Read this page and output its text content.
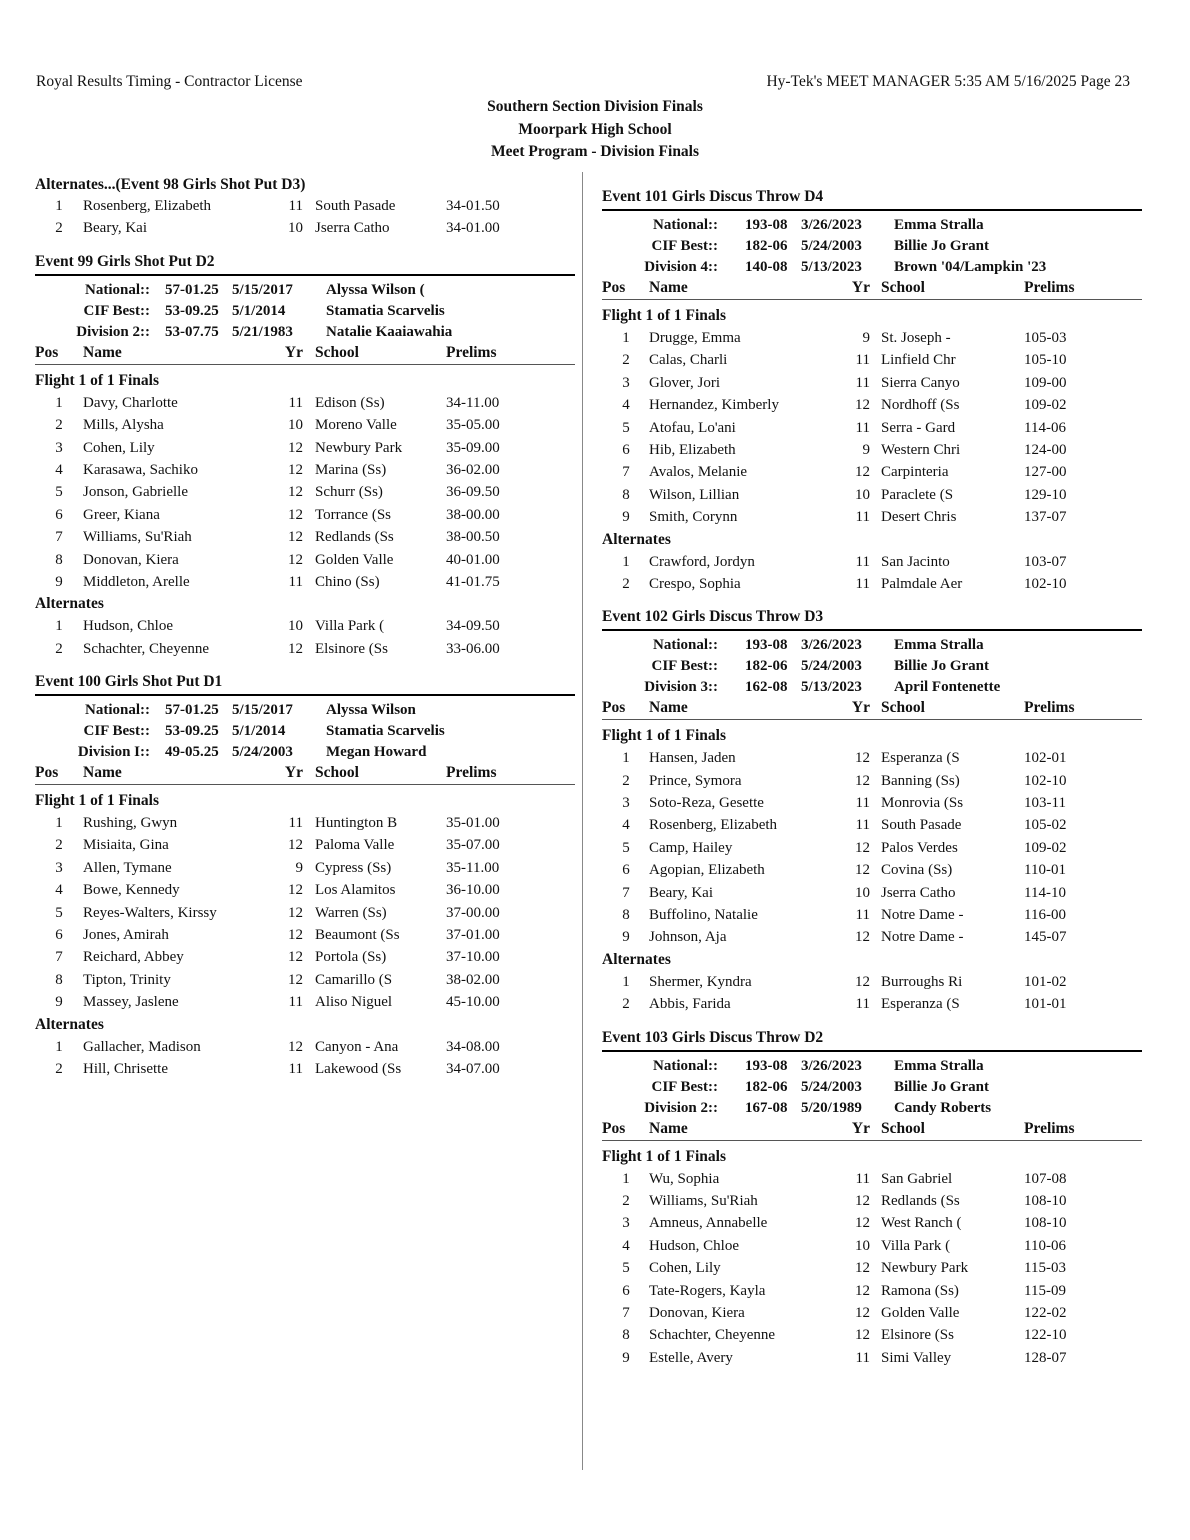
Royal Results Timing - Contractor License	Hy-Tek's MEET MANAGER 5:35 AM 5/16/2025 Page 23
Southern Section Division Finals
Moorpark High School
Meet Program - Division Finals
Alternates...(Event 98 Girls Shot Put D3)
1	Rosenberg, Elizabeth	11 South Pasade	34-01.50
2	Beary, Kai	10 Jserra Catho	34-01.00
Event 99 Girls Shot Put D2
National:: 57-01.25 5/15/2017 Alyssa Wilson (
CIF Best:: 53-09.25 5/1/2014	Stamatia Scarvelis
Division 2:: 53-07.75 5/21/1983 Natalie Kaaiawahia
Pos Name	Yr School	Prelims
Flight 1 of 1 Finals
1	Davy, Charlotte	11 Edison (Ss)	34-11.00
2	Mills, Alysha	10 Moreno Valle	35-05.00
3	Cohen, Lily	12 Newbury Park	35-09.00
4	Karasawa, Sachiko	12 Marina (Ss)	36-02.00
5	Jonson, Gabrielle	12 Schurr (Ss)	36-09.50
6	Greer, Kiana	12 Torrance (Ss	38-00.00
7	Williams, Su'Riah	12 Redlands (Ss	38-00.50
8	Donovan, Kiera	12 Golden Valle	40-01.00
9	Middleton, Arelle	11 Chino (Ss)	41-01.75
Alternates
1	Hudson, Chloe	10 Villa Park (	34-09.50
2	Schachter, Cheyenne	12 Elsinore (Ss	33-06.00
Event 100 Girls Shot Put D1
National:: 57-01.25 5/15/2017 Alyssa Wilson
CIF Best:: 53-09.25 5/1/2014	Stamatia Scarvelis
Division I:: 49-05.25 5/24/2003 Megan Howard
Pos Name	Yr School	Prelims
Flight 1 of 1 Finals
1	Rushing, Gwyn	11 Huntington B	35-01.00
2	Misiaita, Gina	12 Paloma Valle	35-07.00
3	Allen, Tymane	9 Cypress (Ss)	35-11.00
4	Bowe, Kennedy	12 Los Alamitos	36-10.00
5	Reyes-Walters, Kirssy	12 Warren (Ss)	37-00.00
6	Jones, Amirah	12 Beaumont (Ss	37-01.00
7	Reichard, Abbey	12 Portola (Ss)	37-10.00
8	Tipton, Trinity	12 Camarillo (S	38-02.00
9	Massey, Jaslene	11 Aliso Niguel	45-10.00
Alternates
1	Gallacher, Madison	12 Canyon - Ana	34-08.00
2	Hill, Chrisette	11 Lakewood (Ss	34-07.00
Event 101 Girls Discus Throw D4
National:: 193-08 3/26/2023 Emma Stralla
CIF Best:: 182-06 5/24/2003 Billie Jo Grant
Division 4:: 140-08 5/13/2023 Brown '04/Lampkin '23
Pos Name	Yr School	Prelims
Flight 1 of 1 Finals
1	Drugge, Emma	9 St. Joseph -	105-03
2	Calas, Charli	11 Linfield Chr	105-10
3	Glover, Jori	11 Sierra Canyo	109-00
4	Hernandez, Kimberly	12 Nordhoff (Ss	109-02
5	Atofau, Lo'ani	11 Serra - Gard	114-06
6	Hib, Elizabeth	9 Western Chri	124-00
7	Avalos, Melanie	12 Carpinteria	127-00
8	Wilson, Lillian	10 Paraclete (S	129-10
9	Smith, Corynn	11 Desert Chris	137-07
Alternates
1	Crawford, Jordyn	11 San Jacinto	103-07
2	Crespo, Sophia	11 Palmdale Aer	102-10
Event 102 Girls Discus Throw D3
National:: 193-08 3/26/2023 Emma Stralla
CIF Best:: 182-06 5/24/2003 Billie Jo Grant
Division 3:: 162-08 5/13/2023 April Fontenette
Pos Name	Yr School	Prelims
Flight 1 of 1 Finals
1	Hansen, Jaden	12 Esperanza (S	102-01
2	Prince, Symora	12 Banning (Ss)	102-10
3	Soto-Reza, Gesette	11 Monrovia (Ss	103-11
4	Rosenberg, Elizabeth	11 South Pasade	105-02
5	Camp, Hailey	12 Palos Verdes	109-02
6	Agopian, Elizabeth	12 Covina (Ss)	110-01
7	Beary, Kai	10 Jserra Catho	114-10
8	Buffolino, Natalie	11 Notre Dame -	116-00
9	Johnson, Aja	12 Notre Dame -	145-07
Alternates
1	Shermer, Kyndra	12 Burroughs Ri	101-02
2	Abbis, Farida	11 Esperanza (S	101-01
Event 103 Girls Discus Throw D2
National:: 193-08 3/26/2023 Emma Stralla
CIF Best:: 182-06 5/24/2003 Billie Jo Grant
Division 2:: 167-08 5/20/1989 Candy Roberts
Pos Name	Yr School	Prelims
Flight 1 of 1 Finals
1	Wu, Sophia	11 San Gabriel	107-08
2	Williams, Su'Riah	12 Redlands (Ss	108-10
3	Amneus, Annabelle	12 West Ranch (	108-10
4	Hudson, Chloe	10 Villa Park (	110-06
5	Cohen, Lily	12 Newbury Park	115-03
6	Tate-Rogers, Kayla	12 Ramona (Ss)	115-09
7	Donovan, Kiera	12 Golden Valle	122-02
8	Schachter, Cheyenne	12 Elsinore (Ss	122-10
9	Estelle, Avery	11 Simi Valley	128-07
